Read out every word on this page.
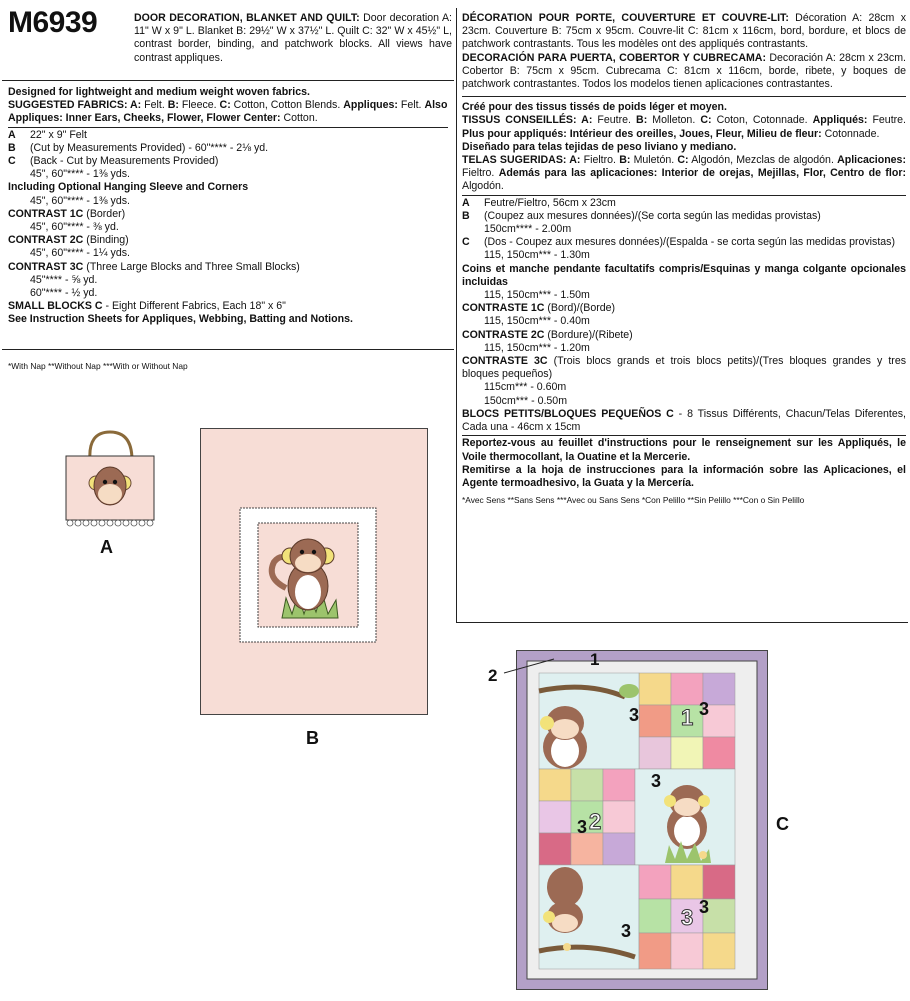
M6939	DOOR DECORATION, BLANKET AND QUILT: Door decoration A: 11" W x 9" L. Blanket B: 29½" W x 37½" L. Quilt C: 32" W x 45½" L, contrast border, binding, and patchwork blocks. All views have contrast appliques.
Designed for lightweight and medium weight woven fabrics.
SUGGESTED FABRICS: A: Felt. B: Fleece. C: Cotton, Cotton Blends. Appliques: Felt. Also Appliques: Inner Ears, Cheeks, Flower, Flower Center: Cotton.
A	22" x 9" Felt
B	(Cut by Measurements Provided) - 60"**** - 2⅛ yd.
C	(Back - Cut by Measurements Provided)
45", 60"**** - 1⅜ yds.
Including Optional Hanging Sleeve and Corners
45", 60"**** - 1⅜ yds.
CONTRAST 1C (Border)
45", 60"**** - ⅜ yd.
CONTRAST 2C (Binding)
45", 60"**** - 1¼ yds.
CONTRAST 3C (Three Large Blocks and Three Small Blocks)
45"**** - ⅝ yd.
60"**** - ½ yd.
SMALL BLOCKS C - Eight Different Fabrics, Each 18" x 6"
See Instruction Sheets for Appliques, Webbing, Batting and Notions.
*With Nap **Without Nap ***With or Without Nap
DÉCORATION POUR PORTE, COUVERTURE ET COUVRE-LIT: Décoration A: 28cm x 23cm. Couverture B: 75cm x 95cm. Couvre-lit C: 81cm x 116cm, bord, bordure, et blocs de patchwork contrastants. Tous les modèles ont des appliqués contrastants.
DECORACIÓN PARA PUERTA, COBERTOR Y CUBRECAMA: Decoración A: 28cm x 23cm. Cobertor B: 75cm x 95cm. Cubrecama C: 81cm x 116cm, borde, ribete, y boques de patchwork contrastantes. Todos los modelos tienen aplicaciones contrastantes.
Créé pour des tissus tissés de poids léger et moyen.
TISSUS CONSEILLÉS: A: Feutre. B: Molleton. C: Coton, Cotonnade. Appliqués: Feutre. Plus pour appliqués: Intérieur des oreilles, Joues, Fleur, Milieu de fleur: Cotonnade.
Diseñado para telas tejidas de peso liviano y mediano.
TELAS SUGERIDAS: A: Fieltro. B: Muletón. C: Algodón, Mezclas de algodón. Aplicaciones: Fieltro. Además para las aplicaciones: Interior de orejas, Mejillas, Flor, Centro de flor: Algodón.
A	Feutre/Fieltro, 56cm x 23cm
B	(Coupez aux mesures données)/(Se corta según las medidas provistas)
150cm**** - 2.00m
C	(Dos - Coupez aux mesures données)/(Espalda - se corta según las medidas provistas)
115, 150cm*** - 1.30m
Coins et manche pendante facultatifs compris/Esquinas y manga colgante opcionales incluidas
115, 150cm*** - 1.50m
CONTRASTE 1C (Bord)/(Borde)
115, 150cm*** - 0.40m
CONTRASTE 2C (Bordure)/(Ribete)
115, 150cm*** - 1.20m
CONTRASTE 3C (Trois blocs grands et trois blocs petits)/(Tres bloques grandes y tres bloques pequeños)
115cm*** - 0.60m
150cm*** - 0.50m
BLOCS PETITS/BLOQUES PEQUEÑOS C - 8 Tissus Différents, Chacun/Telas Diferentes, Cada una - 46cm x 15cm
Reportez-vous au feuillet d'instructions pour le renseignement sur les Appliqués, le Voile thermocollant, la Ouatine et la Mercerie.
Remitirse a la hoja de instrucciones para la información sobre las Aplicaciones, el Agente termoadhesivo, la Guata y la Mercería.
*Avec Sens **Sans Sens ***Avec ou Sans Sens *Con Pelillo **Sin Pelillo ***Con o Sin Pelillo
A
B
3 1 3
3
3 2
3 3
3
1
2
C
